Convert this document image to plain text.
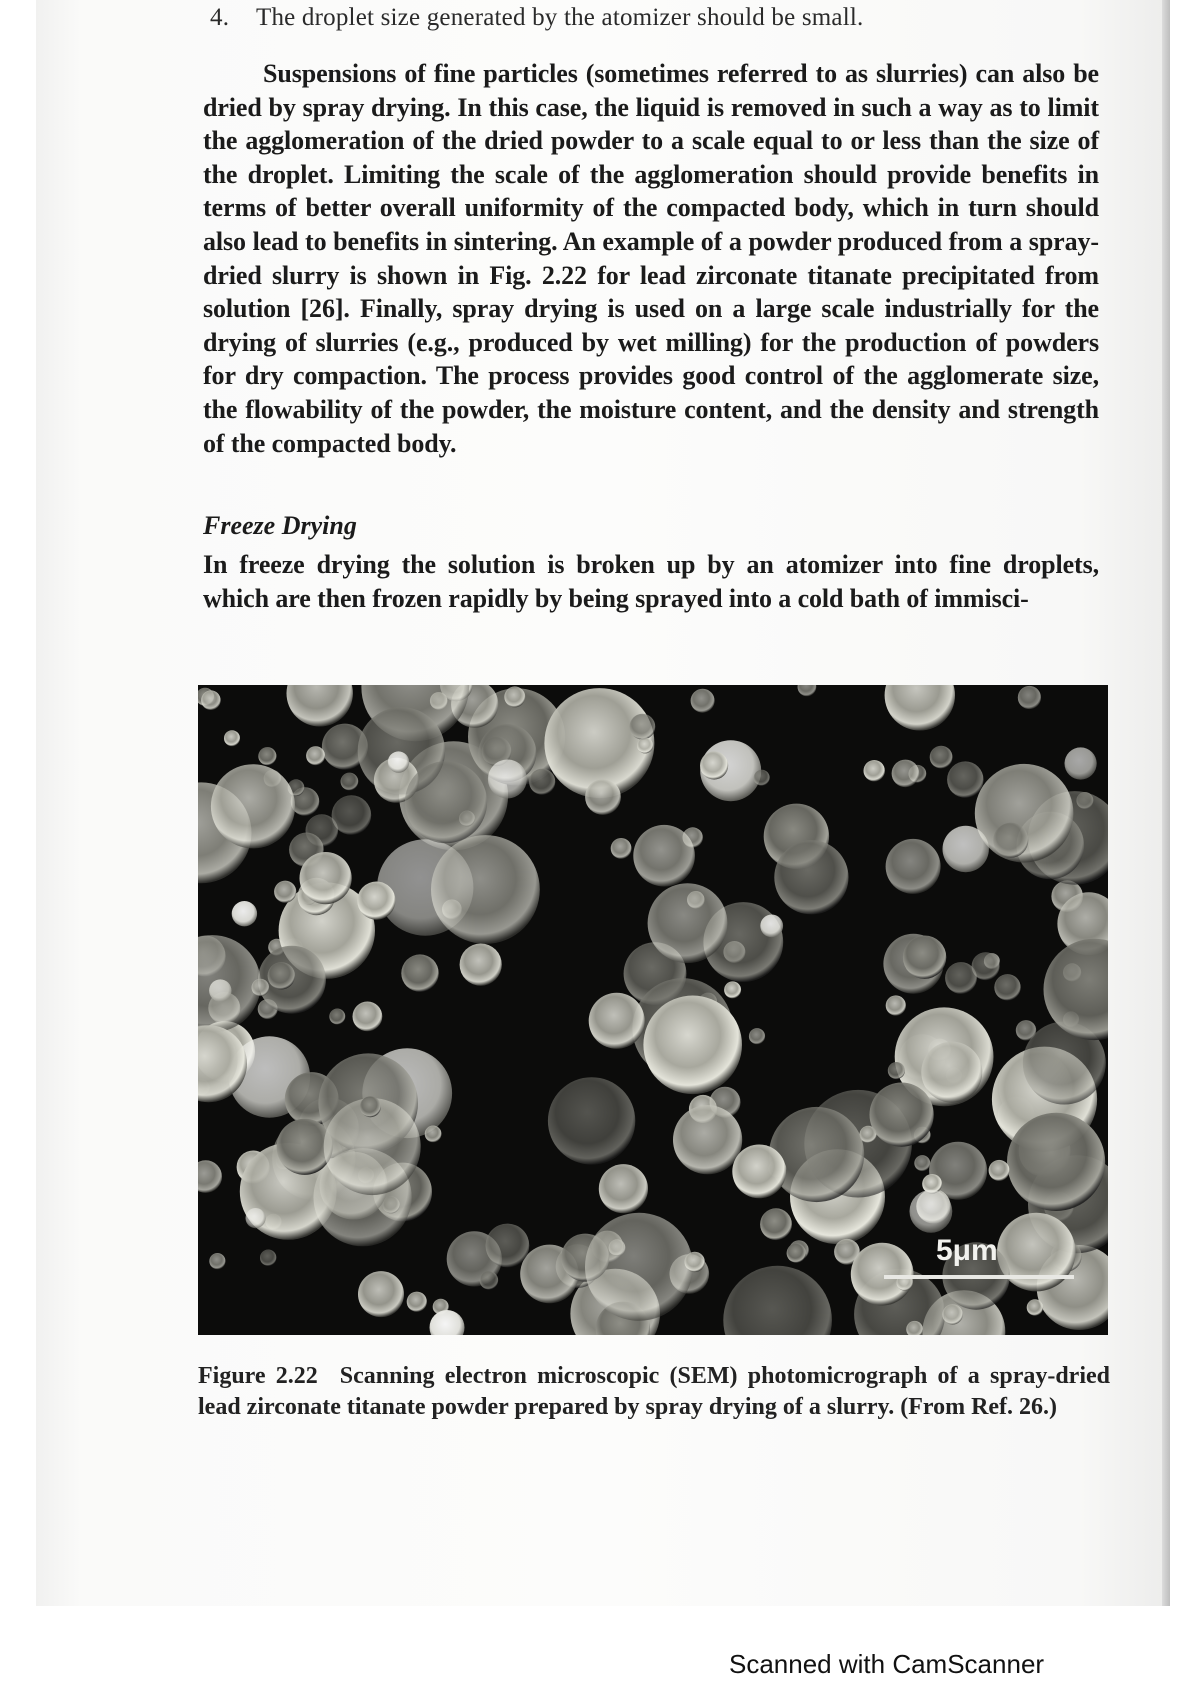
4. The droplet size generated by the atomizer should be small.
Suspensions of fine particles (sometimes referred to as slurries) can also be dried by spray drying. In this case, the liquid is removed in such a way as to limit the agglomeration of the dried powder to a scale equal to or less than the size of the droplet. Limiting the scale of the agglomeration should provide benefits in terms of better overall uniformity of the compacted body, which in turn should also lead to benefits in sintering. An example of a powder produced from a spray-dried slurry is shown in Fig. 2.22 for lead zirconate titanate precipitated from solution [26]. Finally, spray drying is used on a large scale industrially for the drying of slurries (e.g., produced by wet milling) for the production of powders for dry compaction. The process provides good control of the agglomerate size, the flowability of the powder, the moisture content, and the density and strength of the compacted body.
Freeze Drying
In freeze drying the solution is broken up by an atomizer into fine droplets, which are then frozen rapidly by being sprayed into a cold bath of immisci-
5μm
Figure 2.22 Scanning electron microscopic (SEM) photomicrograph of a spray-dried lead zirconate titanate powder prepared by spray drying of a slurry. (From Ref. 26.)
Scanned with CamScanner
